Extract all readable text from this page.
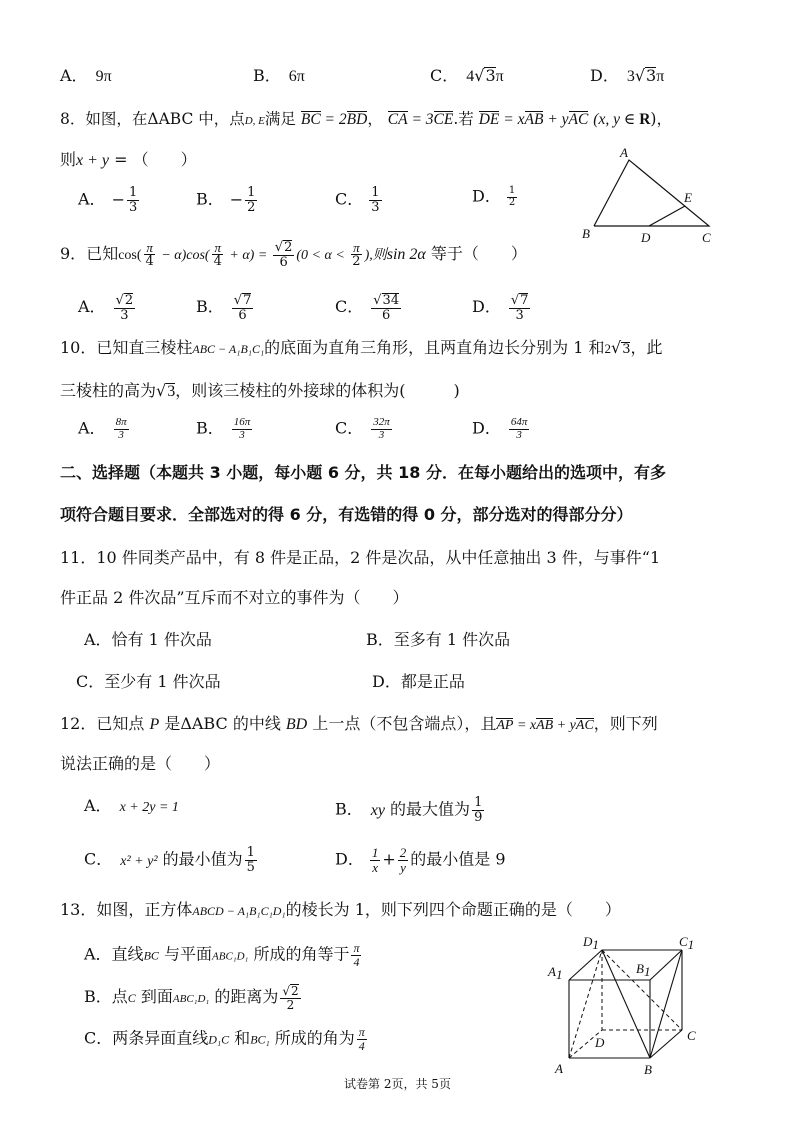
A． 9π	B． 6π	C． 4√3π	D． 3√3π
8．如图，在ΔABC 中，点D, E满足 BC = 2BD， CA = 3CE.若 DE = xAB + yAC (x, y ∈ R)，
则x + y = （　　）
A． − $\frac{1}{3}$	B． − $\frac{1}{2}$	C． $\frac{1}{3}$	D． $\frac{1}{2}$
A
B	C
D
E
9．已知$\cos( \frac{\pi}{4} - \alpha)\cos( \frac{\pi}{4} + \alpha) = \frac{√2}{6} (0 < \alpha < \frac{\pi}{2}$ ),则sin 2α 等于（　　）
A． $\frac{√2}{3}$	B． $\frac{√7}{6}$	C． $\frac{√34}{6}$	D． $\frac{√7}{3}$
10．已知直三棱柱ABC − A₁B₁C₁的底面为直角三角形，且两直角边长分别为 1 和2√3，此
三棱柱的高为√3，则该三棱柱的外接球的体积为(　　　)
A． $\frac{8\pi}{3}$	B． $\frac{16\pi}{3}$	C． $\frac{32\pi}{3}$	D． $\frac{64\pi}{3}$
二、选择题（本题共 3 小题，每小题 6 分，共 18 分．在每小题给出的选项中，有多
项符合题目要求．全部选对的得 6 分，有选错的得 0 分，部分选对的得部分分）
11．10 件同类产品中，有 8 件是正品，2 件是次品，从中任意抽出 3 件，与事件“1
件正品 2 件次品”互斥而不对立的事件为（　　）
A．恰有 1 件次品	B．至多有 1 件次品
C．至少有 1 件次品	D．都是正品
12．已知点 P 是ΔABC 的中线 BD 上一点（不包含端点），且AP = xAB + yAC，则下列
说法正确的是（　　）
A． x + 2y = 1	B． xy 的最大值为 $\frac{1}{9}$
C． x² + y² 的最小值为 $\frac{1}{5}$	D． $\frac{1}{x} + \frac{2}{y}$ 的最小值是 9
13．如图，正方体ABCD − A₁B₁C₁D₁的棱长为 1，则下列四个命题正确的是（　　）
A．直线BC 与平面ABC₁D₁ 所成的角等于 $\frac{\pi}{4}$
B．点C 到面ABC₁D₁ 的距离为 $\frac{√2}{2}$
C．两条异面直线D₁C 和BC₁ 所成的角为 $\frac{\pi}{4}$
A	B
C
D
A1	B1
C1
D1
试卷第 2页，共 5页
